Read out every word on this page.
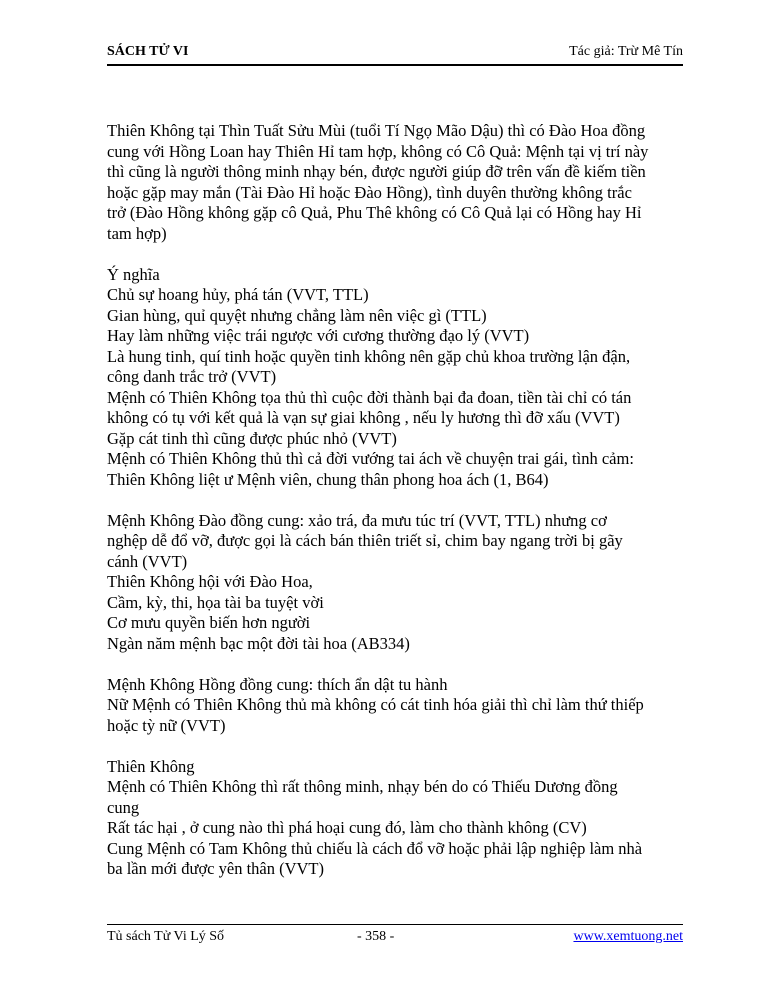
SÁCH TỬ VI	Tác giả: Trừ Mê Tín
Thiên Không tại Thìn Tuất Sửu Mùi (tuổi Tí Ngọ Mão Dậu) thì có Đào Hoa đồng
cung với Hồng Loan hay Thiên Hỉ tam hợp, không có Cô Quả: Mệnh tại vị trí này
thì cũng là người thông minh nhạy bén, được người giúp đỡ trên vấn đề kiếm tiền
hoặc gặp may mắn (Tài Đào Hỉ hoặc Đào Hồng), tình duyên thường không trắc
trở (Đào Hồng không gặp cô Quả, Phu Thê không có Cô Quả lại có Hồng hay Hỉ
tam hợp)
Ý nghĩa
Chủ sự hoang hủy, phá tán (VVT, TTL)
Gian hùng, quỉ quyệt nhưng chẳng làm nên việc gì (TTL)
Hay làm những việc trái ngược với cương thường đạo lý (VVT)
Là hung tinh, quí tinh hoặc quyền tinh không nên gặp chủ khoa trường lận đận,
công danh trắc trở (VVT)
Mệnh có Thiên Không tọa thủ thì cuộc đời thành bại đa đoan, tiền tài chỉ có tán
không có tụ với kết quả là vạn sự giai không , nếu ly hương thì đỡ xấu (VVT)
Gặp cát tinh thì cũng được phúc nhỏ (VVT)
Mệnh có Thiên Không thủ thì cả đời vướng tai ách về chuyện trai gái, tình cảm:
Thiên Không liệt ư Mệnh viên, chung thân phong hoa ách (1, B64)
Mệnh Không Đào đồng cung: xảo trá, đa mưu túc trí (VVT, TTL) nhưng cơ
nghệp dễ đổ vỡ, được gọi là cách bán thiên triết sỉ, chim bay ngang trời bị gãy
cánh (VVT)
Thiên Không hội với Đào Hoa,
Cầm, kỳ, thi, họa tài ba tuyệt vời
Cơ mưu quyền biến hơn người
Ngàn năm mệnh bạc một đời tài hoa (AB334)
Mệnh Không Hồng đồng cung: thích ẩn dật tu hành
Nữ Mệnh có Thiên Không thủ mà không có cát tinh hóa giải thì chỉ làm thứ thiếp
hoặc tỳ nữ (VVT)
Thiên Không
Mệnh có Thiên Không thì rất thông minh, nhạy bén do có Thiếu Dương đồng
cung
Rất tác hại , ở cung nào thì phá hoại cung đó, làm cho thành không (CV)
Cung Mệnh có Tam Không thủ chiếu là cách đổ vỡ hoặc phải lập nghiệp làm nhà
ba lần mới được yên thân (VVT)
Tủ sách Tử Vi Lý Số	- 358 -	www.xemtuong.net
